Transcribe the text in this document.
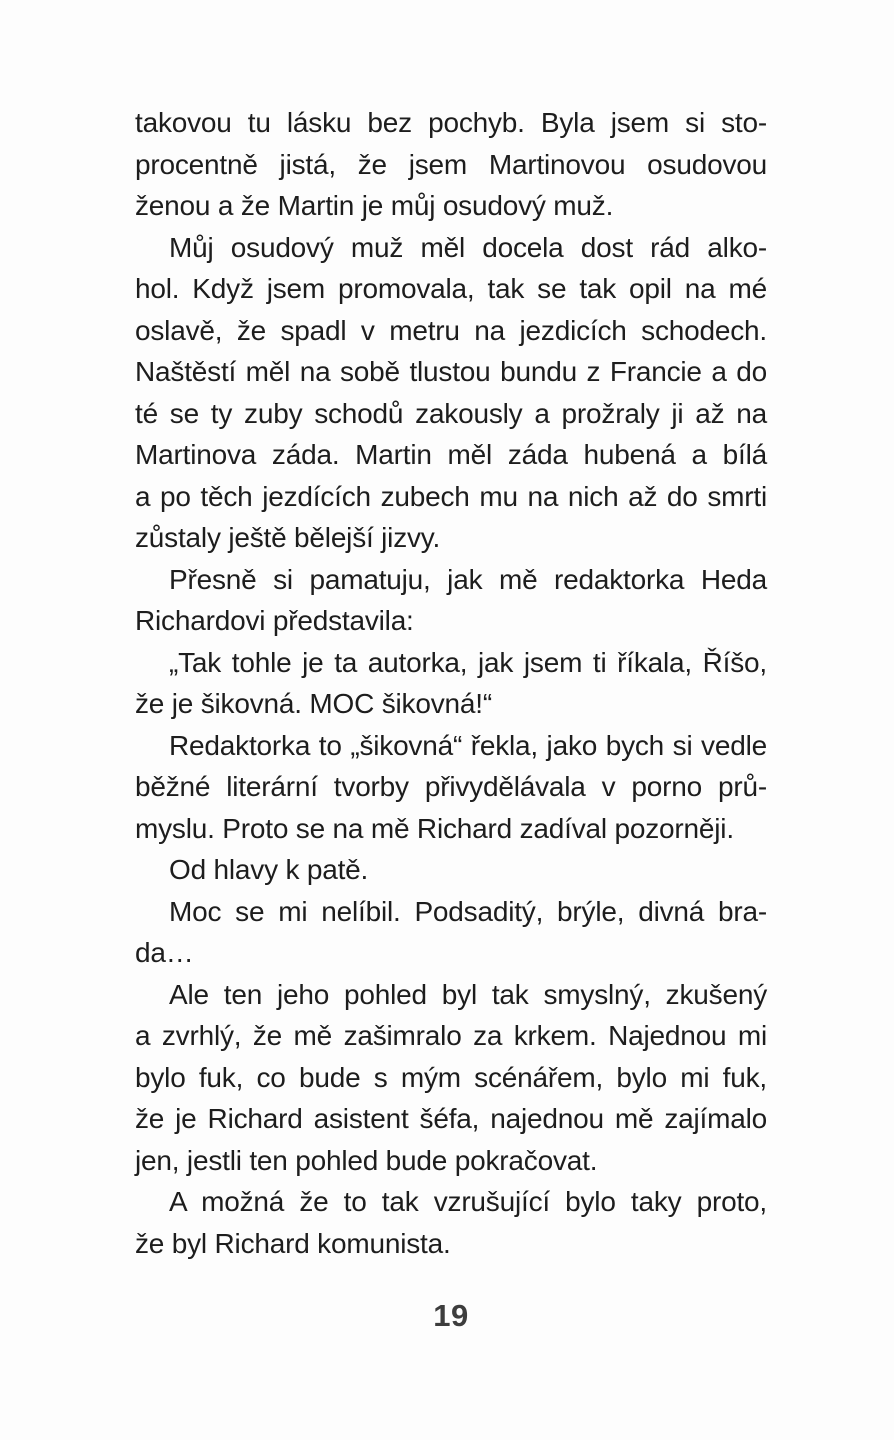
takovou tu lásku bez pochyb. Byla jsem si sto-
procentně jistá, že jsem Martinovou osudovou
ženou a že Martin je můj osudový muž.
Můj osudový muž měl docela dost rád alko-
hol. Když jsem promovala, tak se tak opil na mé
oslavě, že spadl v metru na jezdicích schodech.
Naštěstí měl na sobě tlustou bundu z Francie a do
té se ty zuby schodů zakously a prožraly ji až na
Martinova záda. Martin měl záda hubená a bílá
a po těch jezdících zubech mu na nich až do smrti
zůstaly ještě bělejší jizvy.
Přesně si pamatuju, jak mě redaktorka Heda
Richardovi představila:
„Tak tohle je ta autorka, jak jsem ti říkala, Říšo,
že je šikovná. MOC šikovná!“
Redaktorka to „šikovná“ řekla, jako bych si vedle
běžné literární tvorby přivydělávala v porno prů-
myslu. Proto se na mě Richard zadíval pozorněji.
Od hlavy k patě.
Moc se mi nelíbil. Podsaditý, brýle, divná bra-
da…
Ale ten jeho pohled byl tak smyslný, zkušený
a zvrhlý, že mě zašimralo za krkem. Najednou mi
bylo fuk, co bude s mým scénářem, bylo mi fuk,
že je Richard asistent šéfa, najednou mě zajímalo
jen, jestli ten pohled bude pokračovat.
A možná že to tak vzrušující bylo taky proto,
že byl Richard komunista.
19
